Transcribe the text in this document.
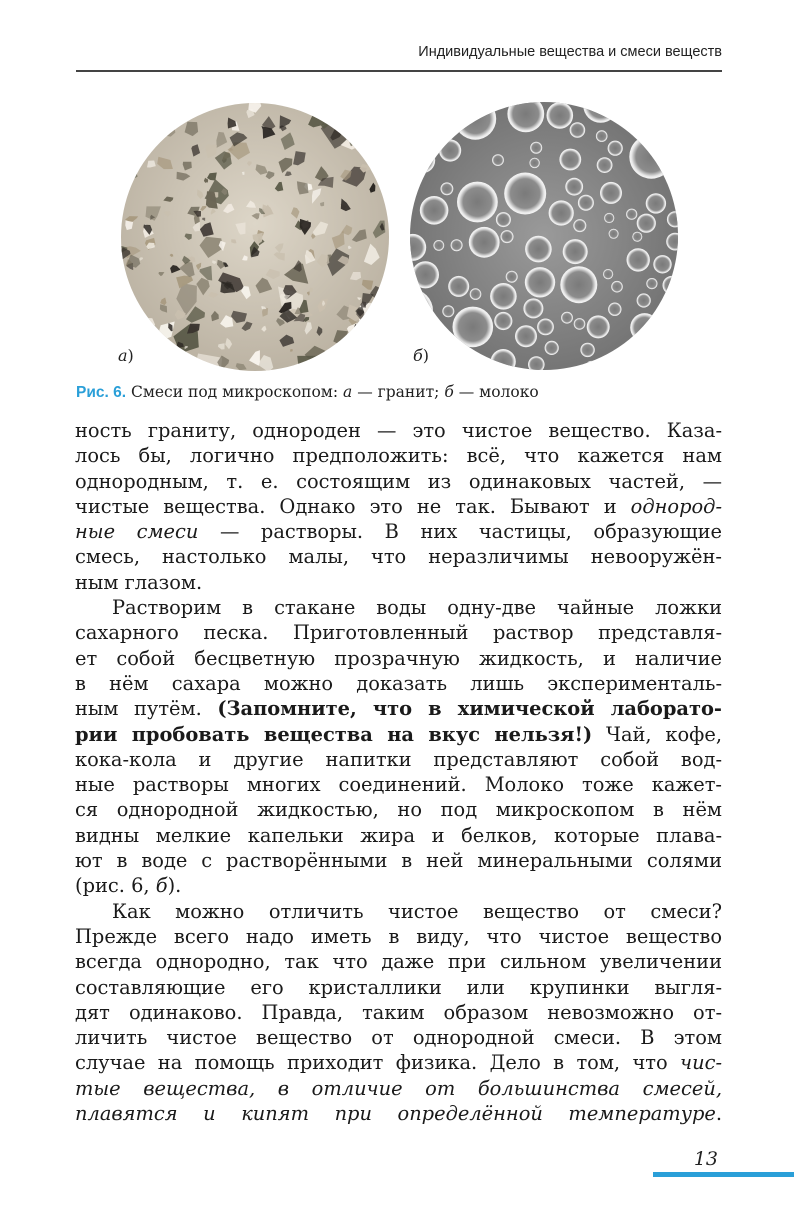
Индивидуальные вещества и смеси веществ
а)	б)
Рис. 6. Смеси под микроскопом: а — гранит; б — молоко
ность граниту, однороден — это чистое вещество. Каза-
лось бы, логично предположить: всё, что кажется нам
однородным, т. е. состоящим из одинаковых частей, —
чистые вещества. Однако это не так. Бывают и однород-
ные смеси — растворы. В них частицы, образующие
смесь, настолько малы, что неразличимы невооружён-
ным глазом.
Растворим в стакане воды одну-две чайные ложки
сахарного песка. Приготовленный раствор представля-
ет собой бесцветную прозрачную жидкость, и наличие
в нём сахара можно доказать лишь эксперименталь-
ным путём. (Запомните, что в химической лаборато-
рии пробовать вещества на вкус нельзя!) Чай, кофе,
кока-кола и другие напитки представляют собой вод-
ные растворы многих соединений. Молоко тоже кажет-
ся однородной жидкостью, но под микроскопом в нём
видны мелкие капельки жира и белков, которые плава-
ют в воде с растворёнными в ней минеральными солями
(рис. 6, б).
Как можно отличить чистое вещество от смеси?
Прежде всего надо иметь в виду, что чистое вещество
всегда однородно, так что даже при сильном увеличении
составляющие его кристаллики или крупинки выгля-
дят одинаково. Правда, таким образом невозможно от-
личить чистое вещество от однородной смеси. В этом
случае на помощь приходит физика. Дело в том, что чис-
тые вещества, в отличие от большинства смесей,
плавятся и кипят при определённой температуре.
13
